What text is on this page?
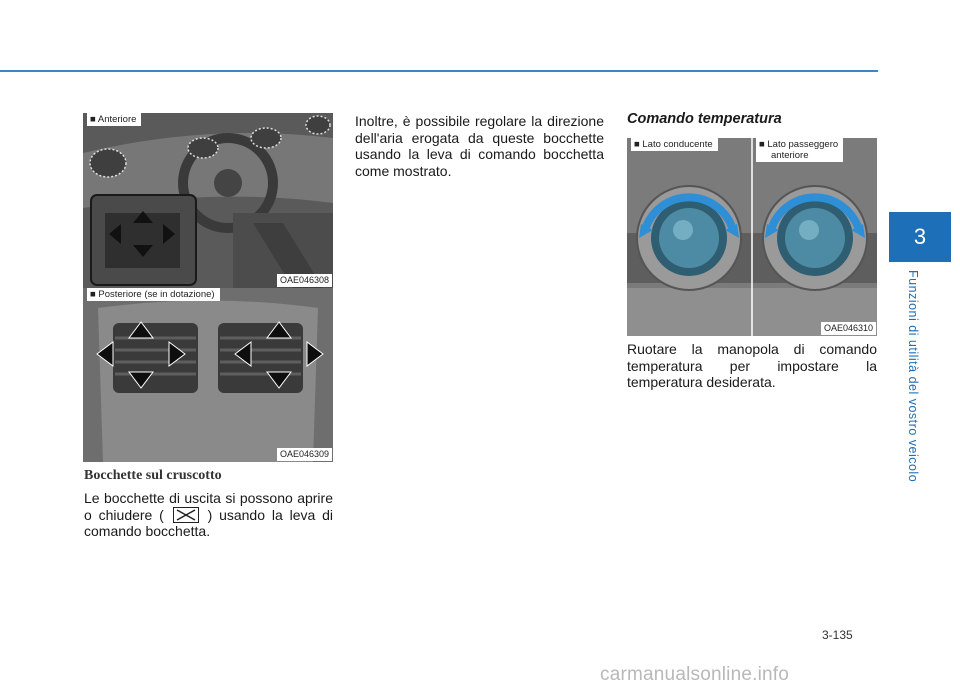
3
Funzioni di utilità del vostro veicolo
■ Anteriore
OAE046308
■ Posteriore (se in dotazione)
OAE046309
Bocchette sul cruscotto
Le bocchette di uscita si possono aprire o chiudere (	) usando la leva di comando bocchetta.
Inoltre, è possibile regolare la direzione dell'aria erogata da queste bocchette usando la leva di comando bocchetta come mostrato.
Comando temperatura
■ Lato conducente	■ Lato passeggero
anteriore
OAE046310
Ruotare la manopola di comando temperatura per impostare la temperatura desiderata.
3-135
carmanualsonline.info
